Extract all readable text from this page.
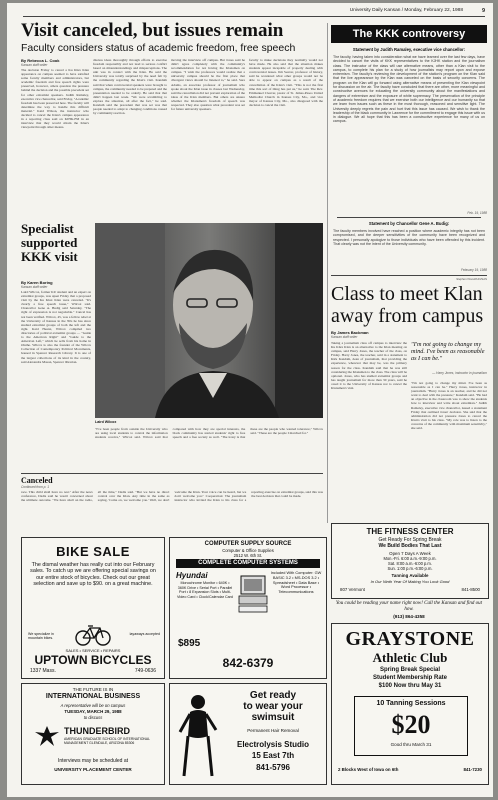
University Daily Kansan / Monday, February 22, 1988	9
Visit canceled, but issues remain
Faculty considers status of academic freedom, free speech
By Rebecca L. Cook
Kansan staff writer
The decision Friday to cancel a Ku Klux Klan appearance on campus seemed to have satisfied some faculty members and administrators, but academic freedom and free speech rights were preserved, however, others question the pressure behind the decision and the possible precedent set for other extremist speakers. Judith Ramaley, executive vice chancellor, said Friday, "Academic freedom has been preserved here. The faculty will determine the way to handle this difficult material." Kaid Wilson, the instructor who decided to cancel the Klan's campus appearance in a reporting class said on KJHK-FM in an interview that they would obtain the Klan's viewpoint through other means.
discuss ideas thoroughly through efforts to exercise freedom responsibly and not lead to serious conflict based on misunderstandings and misperceptions. The unit was in contact with the Klan. He said the University was totally surprised by the need felt by the community regarding the Klan's visit. Kandaih said that when controversial speakers were brought to campus, the community needed to be prepared and the presentation needed to be orderly. He said that that didn't happen last week. "We were scrambling to explore the situation, all after the fact," he said. Kandaih said the precedent that was set was that people needed to adapt to changing conditions caused by community reaction.
moving the interview off campus. But Jones said he didn't agree completely with the community's recommendation for not having the Klansmen on campus. "I wish the professors would realize that a university campus should be the first place that divergent views should be listened to," he said. Sara Adams, an associate professor of journalism who spoke about the Klan issue in classes last Wednesday, said the cancellation did not prevent exploration of the ideas of the Klan members. But others are unsure whether the Klansmen's freedom of speech was respected. They also question what precedent was set for future university speakers.
faculty to make decisions they normally would not have made. He also said that the situation makes students appear incapable of properly dealing with controversial issues. Jim Seaver, professor of history, said he wondered what other groups would not be able to appear on campus as a result of the cancellation of the Klan's visit. "This is not the first time this sort of thing has put us," he said. The Rev. Emmanuel Cleaver, pastor of St. James-Paseo United Methodist Church in Kansas City, Mo., and vice mayor of Kansas City, Mo., also disagreed with the decision to cancel the visit.
Specialist supported KKK visit
By Karen Boring
Kansan staff writer
Laird Wilcox, former KU student and an expert on extremist groups, was upset Friday that a proposed visit by the Ku Klux Klan were canceled. "It's clearly a free speech issue," Wilcox said. Chancellor Gene A. Budig said Saturday, "The right of expression is not negotiable." Cancel has not been verified. Wilcox, 45, was a fellow rebel at the University of Kansas in the '60s he has since studied extremist groups of both the left and the right. Kaid Hearst, Wilcox compiled two directories of political extremist groups — "Guide to the American Right" and "Guide to the American Left," which he sells from his home in Olathe. Wilcox is also the founder of the Wilcox Collection of Contemporary Political Movements, housed in Spencer Research Library. It is one of the largest collections of its kind in the country, said Alexandra Mason, Spencer librarian.
Laird Wilcox
"I've been people from outside the University who are using local students to control the information students receive," Wilcox said. Wilcox said that compared with how they are special interests, the black community has started students' right to free speech and a free society as well. "The irony is that these are the people who wanted tolerance," Wilcox said. "These are the people I marched for."
Canceled
Continued from p. 1
race. This child shall have no rest." After the news conference, Dadis said he wasn't concerned about the ultimate outcome. "We have shall on the radio, all the time," Dadis said. "But we have no direct control over the Klan. Any time in the same as saying, 'Come on, we welcome you.' Well, we don't welcome the Klan. Your voice can be heard, but we don't welcome you." Cooperation: The journalism instructor who invited the Klan to his class for a reporting exercise on extremist groups, said this was the best decision that could be made.
The KKK controversy
Statement by Judith Ramaley, executive vice chancellor:
The faculty, having taken into consideration what we have learned over the last few days, have decided to cancel the visits of KKK representatives to the KJHK station and the journalism class. The instructor of the class will use alternative means, other than a Klan visit to the campus, to complete his plan for a study of how journalists may report upon and expose extremism. The faculty's reviewing the development of the station's program on the Klan said that the live appearance by the Klan was canceled on the basis of security concerns. The program on the Klan will go forward using alternative means of presenting the Klan viewpoint for discussion on the air. The faculty have concluded that there are other, more meaningful and constructive avenues for educating the university community about the manifestations and dangers of extremism and the exposure of white supremacy. The preservation of the principle of academic freedom requires that we exercise both our intelligence and our humanity so that we learn from issues such as these in the most thorough, reasoned and sensitive light. The University deeply regrets the pain and hurt that this issue has caused. We wish to thank the leadership of the black community in Lawrence for the commitment to engage this issue with us in dialogue. We all hope that this has been a constructive experience for many of us on campus.
Feb. 19, 1988
Statement by Chancellor Gene A. Budig:
The faculty members involved have reached a position where academic integrity has not been compromised, and the deeper sensitivities of the community have been recognized and respected. I personally apologize to those individuals who have been offended by this incident. That clearly was not the intent of the University community.
February 19, 1988
Stephen Wood/KANSAN
Class to meet Klan away from campus
By James Backman
Kansan staff writer
Taking a journalism class off campus to interview the Ku Klux Klan is an alternative to the Klan meeting on campus, said Harry Jones, the teacher of the class, on Friday. Harry Jones, the teacher, said in a statement to Kirk Kandaih, dean of journalism, that providing the experience, wherever that may be, was the primary reason for the class. Kandaih said that he was still considering the Klansmen to the class. The class will be optional. Jones, who has studied extremist groups and has taught journalism for more than 30 years, said he owed it to the University of Kansas not to cancel the Klansmen's visit.
"I'm not going to change my mind. I've been as reasonable as I can be."
— Harry Jones, instructor in journalism
"I'm not going to change my mind. I've been as reasonable as I can be." Harry Jones, instructor in journalism. "Harry Jones is an teacher, and he did not want to deal with the pressure," Kandaih said. "He had an objective in the classroom was to show the students how to interview and write about extremists." Judith Ramaley, executive vice chancellor, issued a statement Friday that outlined Jones' decision. She said that the administration did not pressure Jones to cancel the Klan's visit to his class. "My role was to listen to the concerns of the community with maximum sensitivity," she said.
BIKE SALE
The dismal weather has really cut into our February sales. To catch up we are offering special savings on our entire stock of bicycles. Check out our great selection and save up to $90. on a great machine.
We specialize in mountain bikes.
layaways accepted
SALES • SERVICE • REPAIRS
UPTOWN BICYCLES
1337 Mass.	749-0636
COMPUTER SUPPLY SOURCE
Computer & Office Supplies
2512 W. 6th St.
COMPLETE COMPUTER SYSTEMS
Hyundai
Monochrome Monitor • 640K • 360K Drive • Serial Port • Parallel Port • 8 Expansion Slots • Multi-Video Card • Clock/Calendar Card
Included With Computer: GW BASIC 3.2 • MS-DOS 3.2 • Spreadsheet • Data Base • Word Processor • Telecommunications
$895
842-6379
THE FITNESS CENTER
Get Ready For Spring Break
We Build Bodies That Last
Open 7 Days A Week
Mon.-Fri. 6:00 a.m.-9:00 p.m.
Sat. 8:00 a.m.-6:00 p.m.
Sun. 1:00 p.m.-6:00 p.m.
Tanning Available
In Our Ninth Year Of Making You Look Good
807 Vermont	841-8500
You could be reading your name right now! Call the Kansan and find out how.
(913) 864-4358
GRAYSTONE
Athletic Club
Spring Break Special
Student Membership Rate
$100 Now thru May 31
10 Tanning Sessions
$20
Good thru March 31
2 Blocks West of Iowa on 6th	841-7230
THE FUTURE IS IN
INTERNATIONAL BUSINESS
A representative will be on campus
TUESDAY, MARCH 29, 1988
to discuss
THUNDERBIRD
AMERICAN GRADUATE SCHOOL OF INTERNATIONAL MANAGEMENT GLENDALE, ARIZONA 85306
Interviews may be scheduled at
UNIVERSITY PLACEMENT CENTER
Get ready
to wear your
swimsuit
Permanent Hair Removal
Electrolysis Studio
15 East 7th
841-5796
